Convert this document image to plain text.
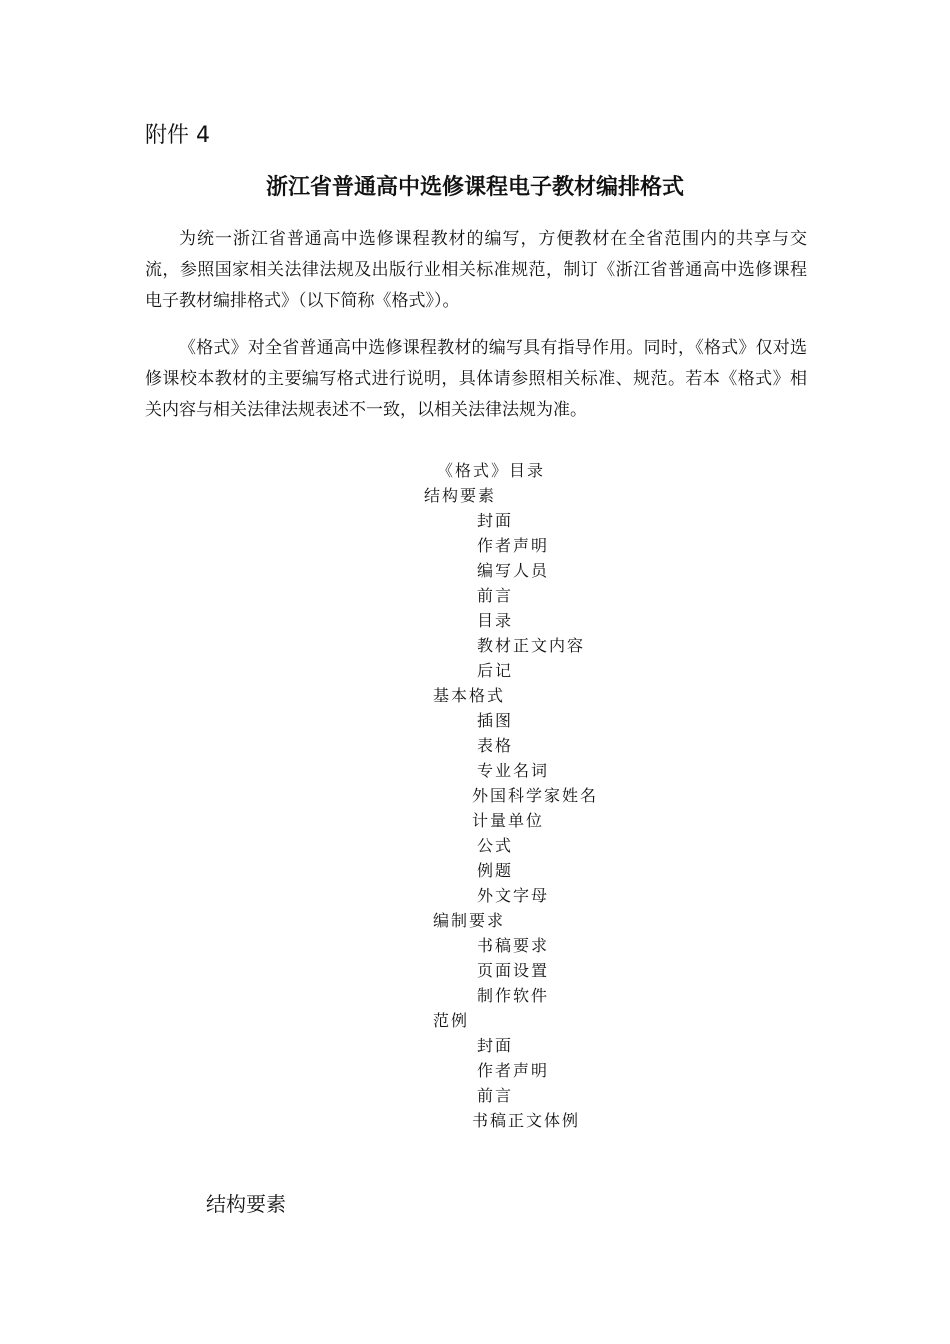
附件 4
浙江省普通高中选修课程电子教材编排格式

为统一浙江省普通高中选修课程教材的编写，方便教材在全省范围内的共享与交流，参照国家相关法律法规及出版行业相关标准规范，制订《浙江省普通高中选修课程电子教材编排格式》（以下简称《格式》）。

《格式》对全省普通高中选修课程教材的编写具有指导作用。同时，《格式》仅对选修课校本教材的主要编写格式进行说明，具体请参照相关标准、规范。若本《格式》相关内容与相关法律法规表述不一致，以相关法律法规为准。

《格式》目录
结构要素
封面
作者声明
编写人员
前言
目录
教材正文内容
后记
基本格式
插图
表格
专业名词
外国科学家姓名
计量单位
公式
例题
外文字母
编制要求
书稿要求
页面设置
制作软件
范例
封面
作者声明
前言
书稿正文体例
结构要素
